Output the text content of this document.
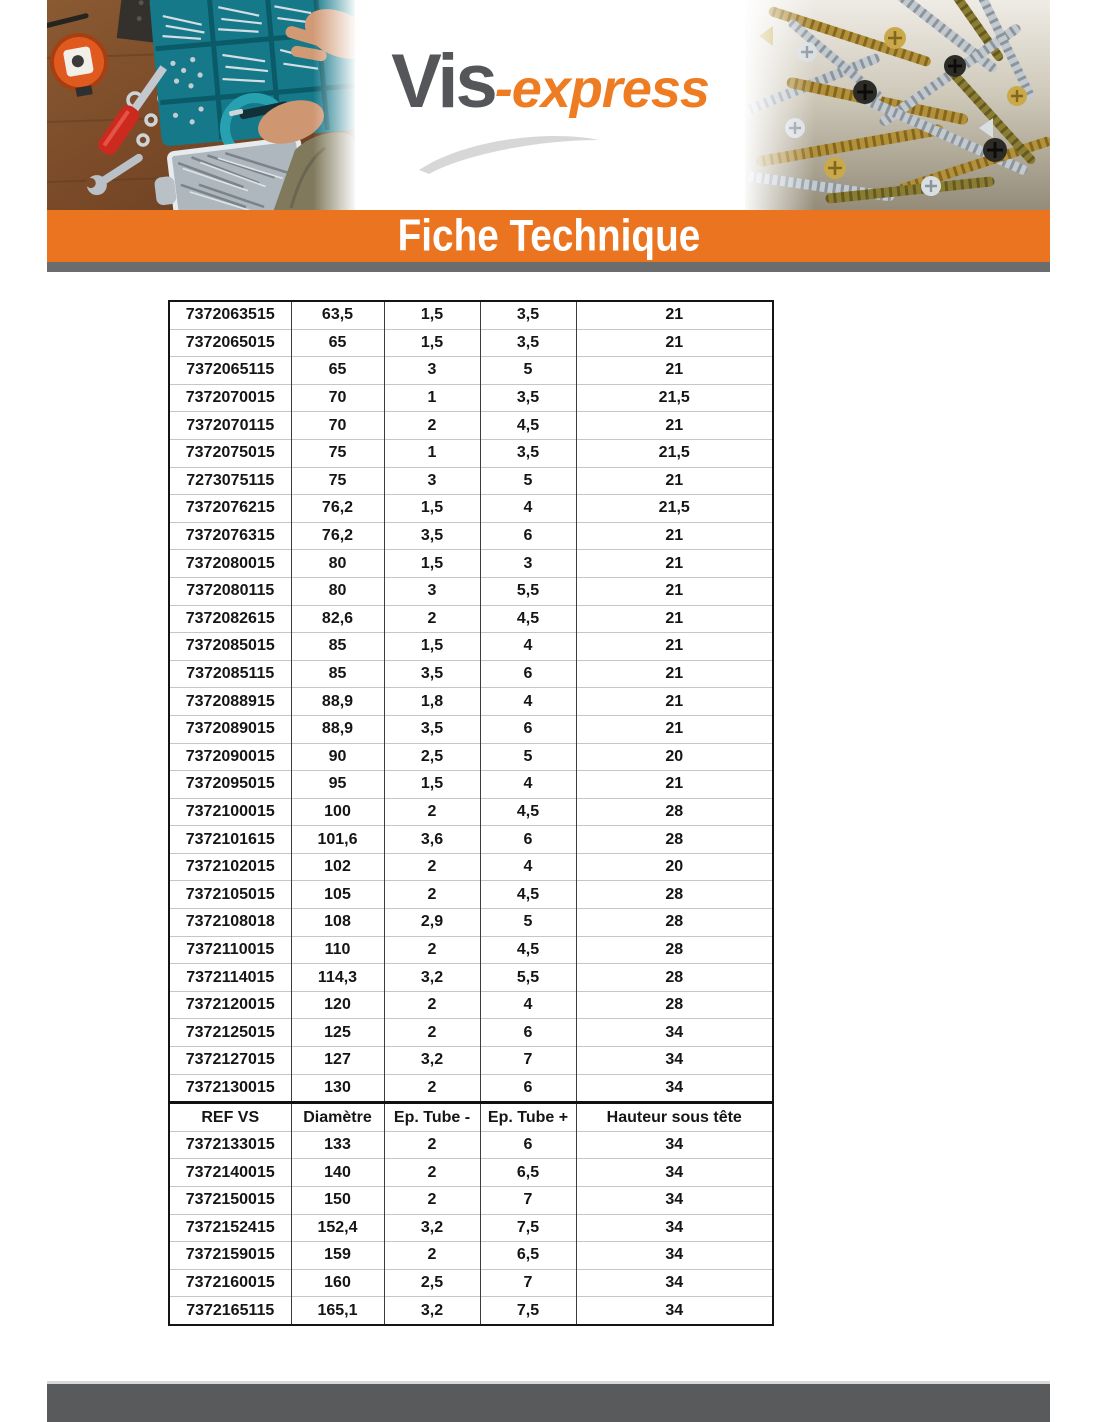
Vis -express
Fiche Technique
7372063515	63,5	1,5	3,5	21
7372065015	65	1,5	3,5	21
7372065115	65	3	5	21
7372070015	70	1	3,5	21,5
7372070115	70	2	4,5	21
7372075015	75	1	3,5	21,5
7273075115	75	3	5	21
7372076215	76,2	1,5	4	21,5
7372076315	76,2	3,5	6	21
7372080015	80	1,5	3	21
7372080115	80	3	5,5	21
7372082615	82,6	2	4,5	21
7372085015	85	1,5	4	21
7372085115	85	3,5	6	21
7372088915	88,9	1,8	4	21
7372089015	88,9	3,5	6	21
7372090015	90	2,5	5	20
7372095015	95	1,5	4	21
7372100015	100	2	4,5	28
7372101615	101,6	3,6	6	28
7372102015	102	2	4	20
7372105015	105	2	4,5	28
7372108018	108	2,9	5	28
7372110015	110	2	4,5	28
7372114015	114,3	3,2	5,5	28
7372120015	120	2	4	28
7372125015	125	2	6	34
7372127015	127	3,2	7	34
7372130015	130	2	6	34
REF VS	Diamètre	Ep. Tube -	Ep. Tube +	Hauteur sous tête
7372133015	133	2	6	34
7372140015	140	2	6,5	34
7372150015	150	2	7	34
7372152415	152,4	3,2	7,5	34
7372159015	159	2	6,5	34
7372160015	160	2,5	7	34
7372165115	165,1	3,2	7,5	34
